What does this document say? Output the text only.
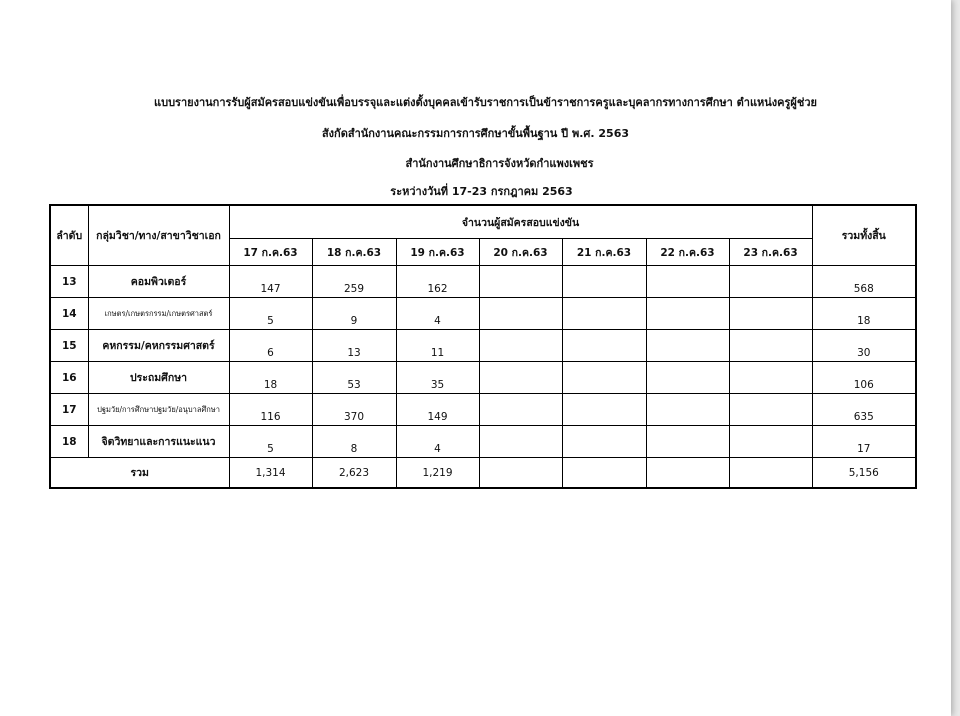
แบบรายงานการรับผู้สมัครสอบแข่งขันเพื่อบรรจุและแต่งตั้งบุคคลเข้ารับราชการเป็นข้าราชการครูและบุคลากรทางการศึกษา ตำแหน่งครูผู้ช่วย
สังกัดสำนักงานคณะกรรมการการศึกษาขั้นพื้นฐาน ปี พ.ศ. 2563
สำนักงานศึกษาธิการจังหวัดกำแพงเพชร
ระหว่างวันที่ 17-23 กรกฎาคม 2563
ลำดับ	กลุ่มวิชา/ทาง/สาขาวิชาเอก	จำนวนผู้สมัครสอบแข่งขัน							รวมทั้งสิ้น
		17 ก.ค.63	18 ก.ค.63	19 ก.ค.63	20 ก.ค.63	21 ก.ค.63	22 ก.ค.63	23 ก.ค.63	
13	คอมพิวเตอร์	147	259	162					568
14	เกษตร/เกษตรกรรม/เกษตรศาสตร์	5	9	4					18
15	คหกรรม/คหกรรมศาสตร์	6	13	11					30
16	ประถมศึกษา	18	53	35					106
17	ปฐมวัย/การศึกษาปฐมวัย/อนุบาลศึกษา	116	370	149					635
18	จิตวิทยาและการแนะแนว	5	8	4					17
รวม		1,314	2,623	1,219					5,156
